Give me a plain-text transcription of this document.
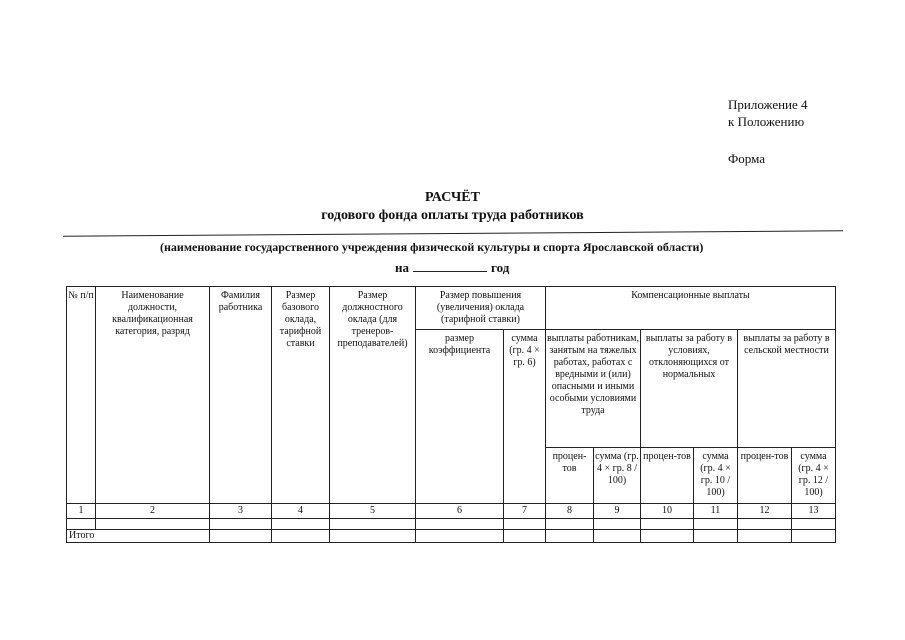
Приложение 4
к Положению
Форма
РАСЧЁТ
годового фонда оплаты труда работников
(наименование государственного учреждения физической культуры и спорта Ярославской области)
на	год
№ п/п	Наименование должности, квалификационная категория, разряд	Фамилия работника	Размер базового оклада, тарифной ставки	Размер должностного оклада (для тренеров-преподавателей)	Размер повышения (увеличения) оклада (тарифной ставки)		Компенсационные выплаты					
					размер коэффициента	сумма (гр. 4 × гр. 6)	выплаты работникам, занятым на тяжелых работах, работах с вредными и (или) опасными и иными особыми условиями труда		выплаты за работу в условиях, отклоняющихся от нормальных		выплаты за работу в сельской местности	
							процен-тов	сумма (гр. 4 × гр. 8 / 100)	процен-тов	сумма (гр. 4 × гр. 10 / 100)	процен-тов	сумма (гр. 4 × гр. 12 / 100)
1	2	3	4	5	6	7	8	9	10	11	12	13

Итого												
